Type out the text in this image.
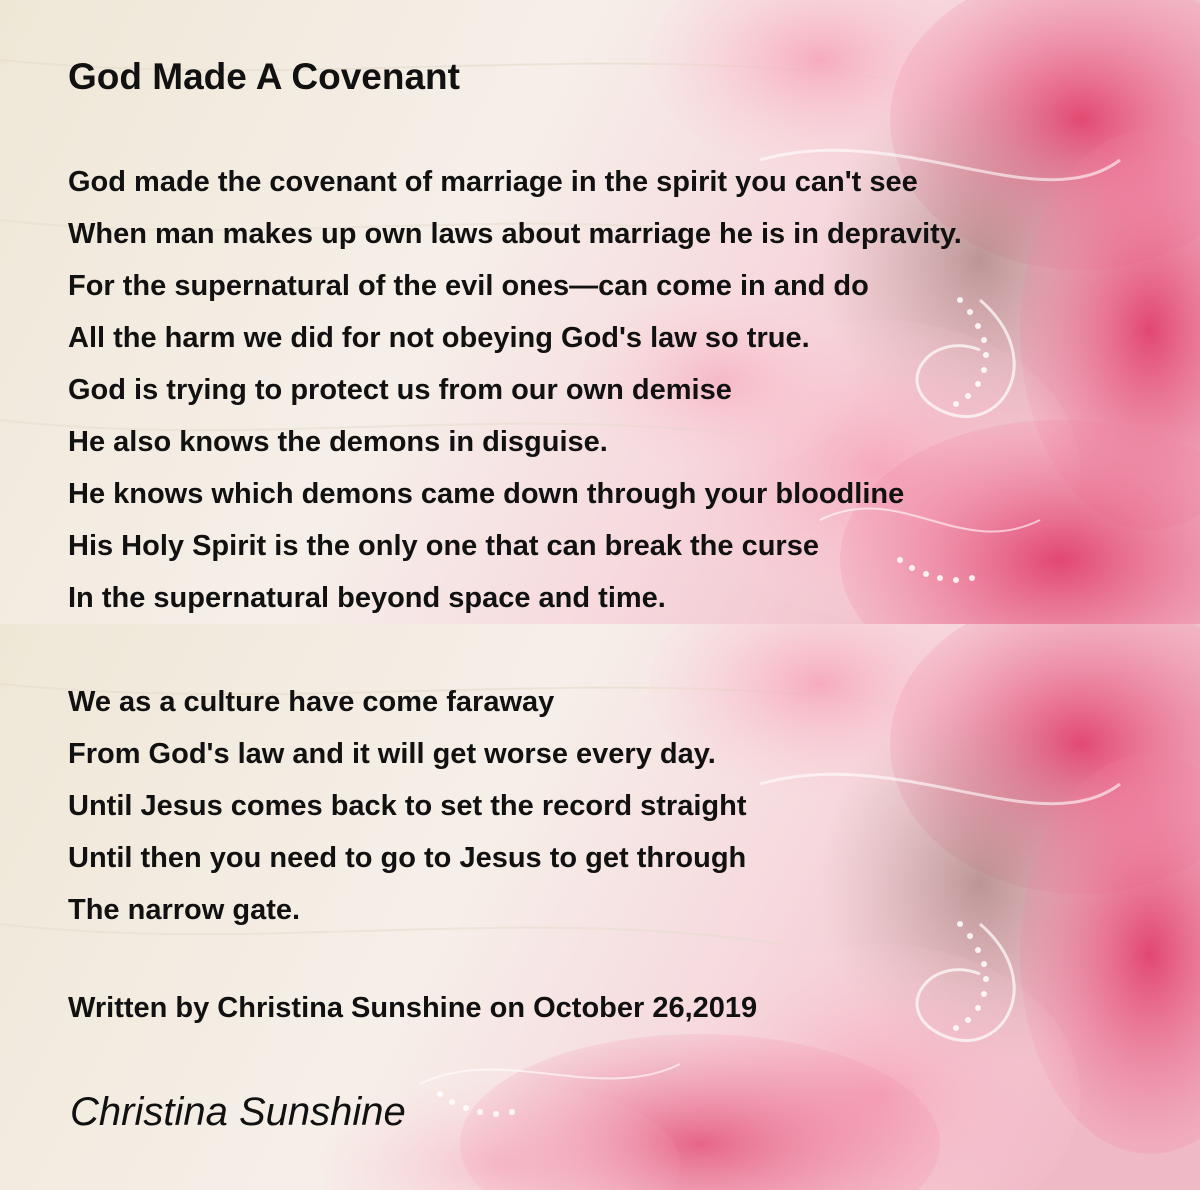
God Made A Covenant
God made the covenant of marriage in the spirit you can't see
When man makes up own laws about marriage he is in depravity.
For the supernatural of the evil ones—can come in and do
All the harm we did for not obeying God's law so true.
God is trying to protect us from our own demise
He also knows the demons in disguise.
He knows which demons came down through your bloodline
His Holy Spirit is the only one that can break the curse
In the supernatural beyond space and time.
We as a culture have come faraway
From God's law and it will get worse every day.
Until Jesus comes back to set the record straight
Until then you need to go to Jesus to get through
The narrow gate.

Written by Christina Sunshine on October 26,2019

Christina Sunshine
